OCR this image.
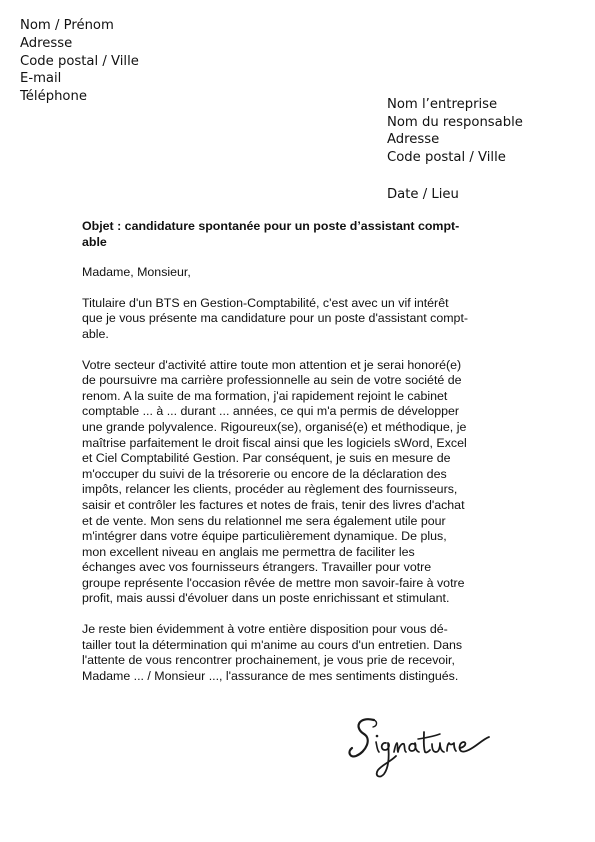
Nom / Prénom
Adresse
Code postal / Ville
E-mail
Téléphone
Nom l’entreprise
Nom du responsable
Adresse
Code postal / Ville
Date / Lieu
Objet : candidature spontanée pour un poste d’assistant compt-
able
Madame, Monsieur,
Titulaire d'un BTS en Gestion-Comptabilité, c'est avec un vif intérêt
que je vous présente ma candidature pour un poste d'assistant compt-
able.
Votre secteur d'activité attire toute mon attention et je serai honoré(e)
de poursuivre ma carrière professionnelle au sein de votre société de
renom. A la suite de ma formation, j'ai rapidement rejoint le cabinet
comptable ... à ... durant ... années, ce qui m'a permis de développer
une grande polyvalence. Rigoureux(se), organisé(e) et méthodique, je
maîtrise parfaitement le droit fiscal ainsi que les logiciels sWord, Excel
et Ciel Comptabilité Gestion. Par conséquent, je suis en mesure de
m'occuper du suivi de la trésorerie ou encore de la déclaration des
impôts, relancer les clients, procéder au règlement des fournisseurs,
saisir et contrôler les factures et notes de frais, tenir des livres d'achat
et de vente. Mon sens du relationnel me sera également utile pour
m'intégrer dans votre équipe particulièrement dynamique. De plus,
mon excellent niveau en anglais me permettra de faciliter les
échanges avec vos fournisseurs étrangers. Travailler pour votre
groupe représente l'occasion rêvée de mettre mon savoir-faire à votre
profit, mais aussi d'évoluer dans un poste enrichissant et stimulant.
Je reste bien évidemment à votre entière disposition pour vous dé-
tailler tout la détermination qui m'anime au cours d'un entretien. Dans
l'attente de vous rencontrer prochainement, je vous prie de recevoir,
Madame ... / Monsieur ..., l'assurance de mes sentiments distingués.
